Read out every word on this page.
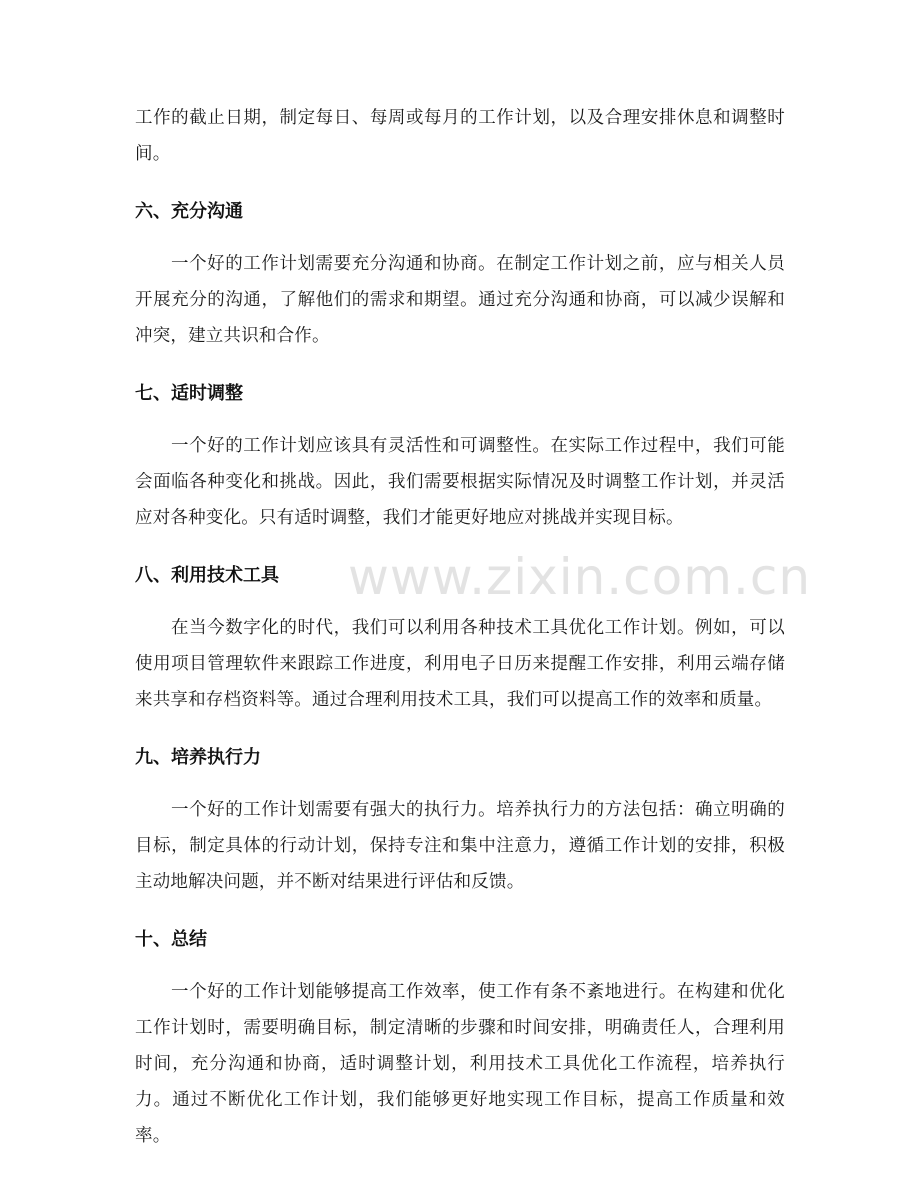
www.zixin.com.cn

工作的截止日期，制定每日、每周或每月的工作计划，以及合理安排休息和调整时间。

六、充分沟通

一个好的工作计划需要充分沟通和协商。在制定工作计划之前，应与相关人员开展充分的沟通，了解他们的需求和期望。通过充分沟通和协商，可以减少误解和冲突，建立共识和合作。

七、适时调整

一个好的工作计划应该具有灵活性和可调整性。在实际工作过程中，我们可能会面临各种变化和挑战。因此，我们需要根据实际情况及时调整工作计划，并灵活应对各种变化。只有适时调整，我们才能更好地应对挑战并实现目标。

八、利用技术工具

在当今数字化的时代，我们可以利用各种技术工具优化工作计划。例如，可以使用项目管理软件来跟踪工作进度，利用电子日历来提醒工作安排，利用云端存储来共享和存档资料等。通过合理利用技术工具，我们可以提高工作的效率和质量。

九、培养执行力

一个好的工作计划需要有强大的执行力。培养执行力的方法包括：确立明确的目标，制定具体的行动计划，保持专注和集中注意力，遵循工作计划的安排，积极主动地解决问题，并不断对结果进行评估和反馈。

十、总结

一个好的工作计划能够提高工作效率，使工作有条不紊地进行。在构建和优化工作计划时，需要明确目标，制定清晰的步骤和时间安排，明确责任人，合理利用时间，充分沟通和协商，适时调整计划，利用技术工具优化工作流程，培养执行力。通过不断优化工作计划，我们能够更好地实现工作目标，提高工作质量和效率。
